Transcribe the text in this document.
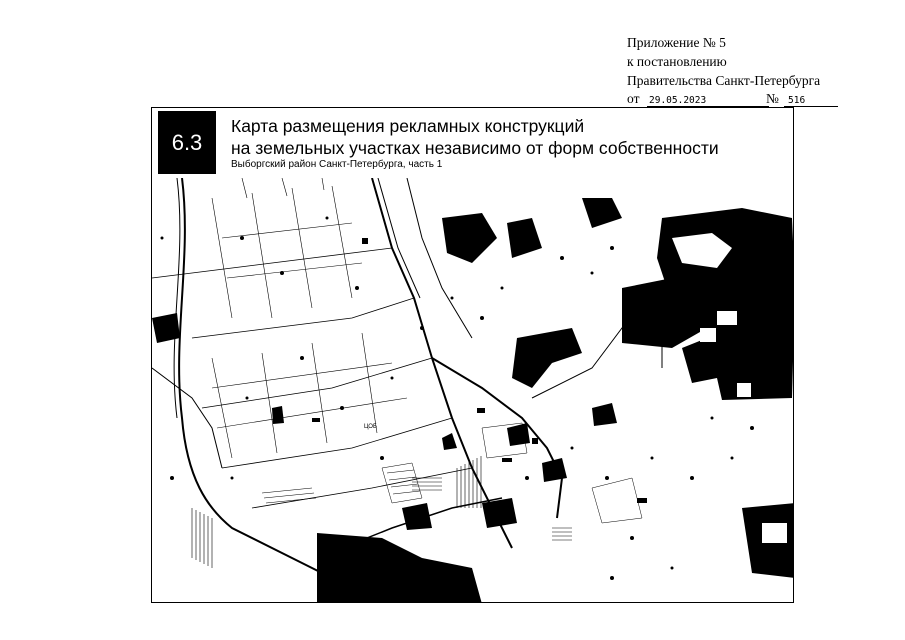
Приложение № 5
к постановлению
Правительства Санкт-Петербурга
от 29.05.2023	№ 516
6.3
Карта размещения рекламных конструкций
на земельных участках независимо от форм собственности
Выборгский район Санкт-Петербурга, часть 1
ЦОБ
